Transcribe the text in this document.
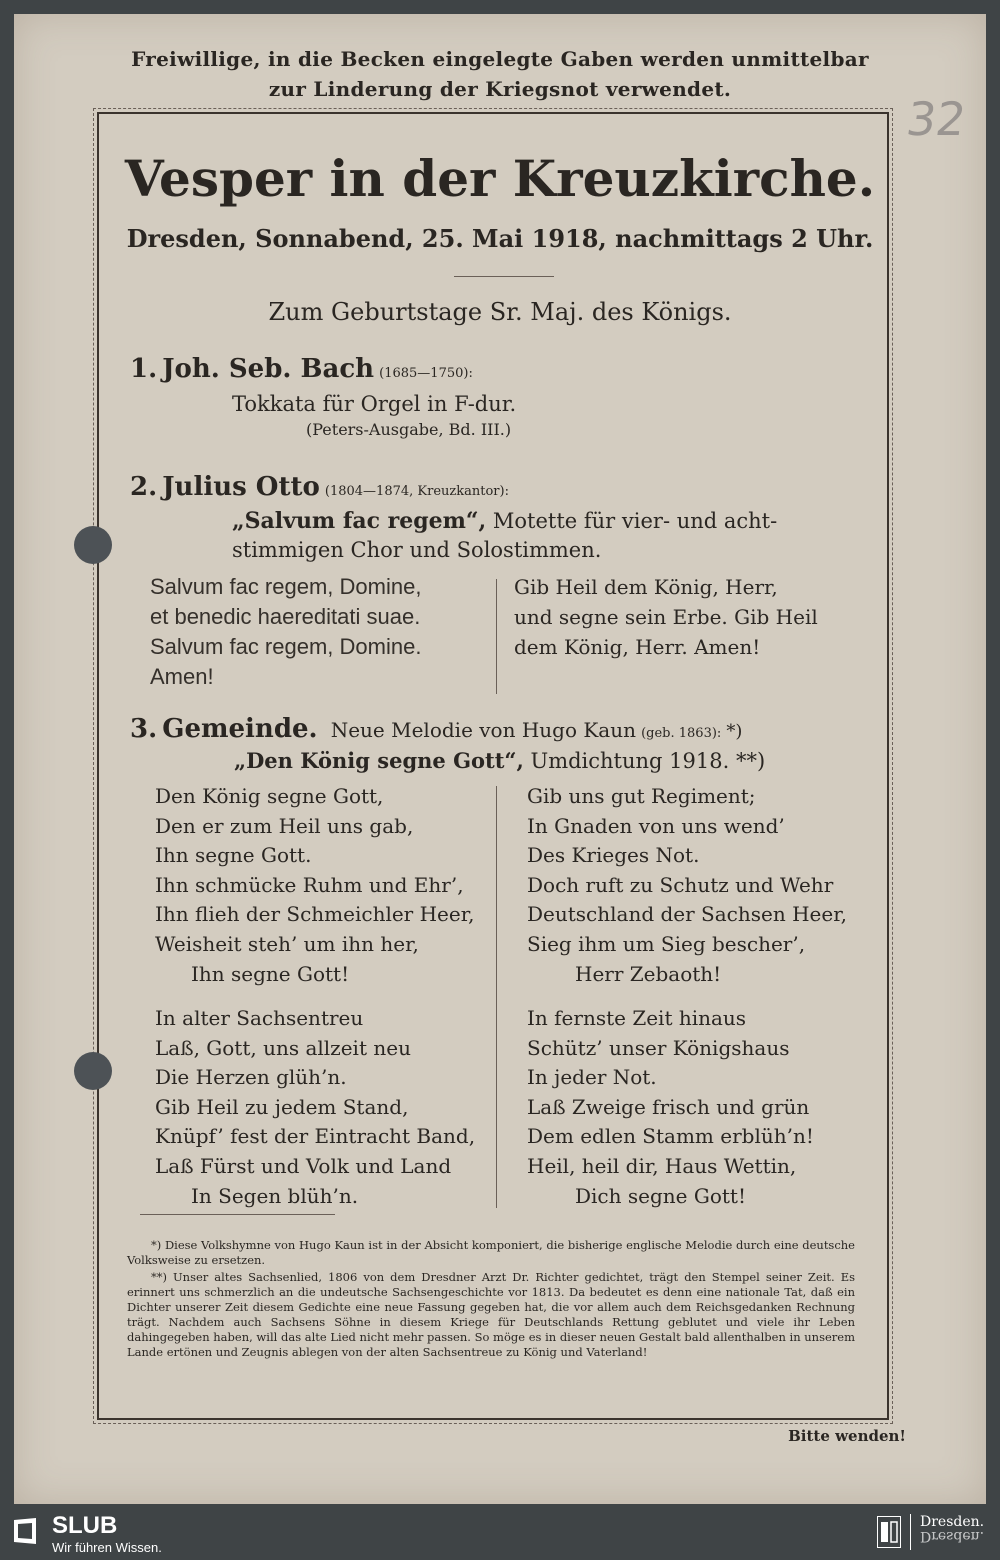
Freiwillige, in die Becken eingelegte Gaben werden unmittelbar
zur Linderung der Kriegsnot verwendet.
32
Vesper in der Kreuzkirche.
Dresden, Sonnabend, 25. Mai 1918, nachmittags 2 Uhr.
Zum Geburtstage Sr. Maj. des Königs.
1. Joh. Seb. Bach (1685—1750):
Tokkata für Orgel in F-dur.
(Peters-Ausgabe, Bd. III.)
2. Julius Otto (1804—1874, Kreuzkantor):
„Salvum fac regem“, Motette für vier- und acht-
stimmigen Chor und Solostimmen.
Salvum fac regem, Domine,
et benedic haereditati suae.
Salvum fac regem, Domine.
Amen!
Gib Heil dem König, Herr,
und segne sein Erbe. Gib Heil
dem König, Herr. Amen!
3. Gemeinde. Neue Melodie von Hugo Kaun (geb. 1863): *)
„Den König segne Gott“, Umdichtung 1918. **)
Den König segne Gott,
Den er zum Heil uns gab,
Ihn segne Gott.
Ihn schmücke Ruhm und Ehr’,
Ihn flieh der Schmeichler Heer,
Weisheit steh’ um ihn her,
Ihn segne Gott!
Gib uns gut Regiment;
In Gnaden von uns wend’
Des Krieges Not.
Doch ruft zu Schutz und Wehr
Deutschland der Sachsen Heer,
Sieg ihm um Sieg bescher’,
Herr Zebaoth!
In alter Sachsentreu
Laß, Gott, uns allzeit neu
Die Herzen glüh’n.
Gib Heil zu jedem Stand,
Knüpf’ fest der Eintracht Band,
Laß Fürst und Volk und Land
In Segen blüh’n.
In fernste Zeit hinaus
Schütz’ unser Königshaus
In jeder Not.
Laß Zweige frisch und grün
Dem edlen Stamm erblüh’n!
Heil, heil dir, Haus Wettin,
Dich segne Gott!
*) Diese Volkshymne von Hugo Kaun ist in der Absicht komponiert, die bisherige englische Melodie durch eine deutsche Volksweise zu ersetzen.
**) Unser altes Sachsenlied, 1806 von dem Dresdner Arzt Dr. Richter gedichtet, trägt den Stempel seiner Zeit. Es erinnert uns schmerzlich an die undeutsche Sachsengeschichte vor 1813. Da bedeutet es denn eine nationale Tat, daß ein Dichter unserer Zeit diesem Gedichte eine neue Fassung gegeben hat, die vor allem auch dem Reichsgedanken Rechnung trägt. Nachdem auch Sachsens Söhne in diesem Kriege für Deutschlands Rettung geblutet und viele ihr Leben dahingegeben haben, will das alte Lied nicht mehr passen. So möge es in dieser neuen Gestalt bald allenthalben in unserem Lande ertönen und Zeugnis ablegen von der alten Sachsentreue zu König und Vaterland!
Bitte wenden!
SLUB
Wir führen Wissen.
Dresden.
Dresden.
